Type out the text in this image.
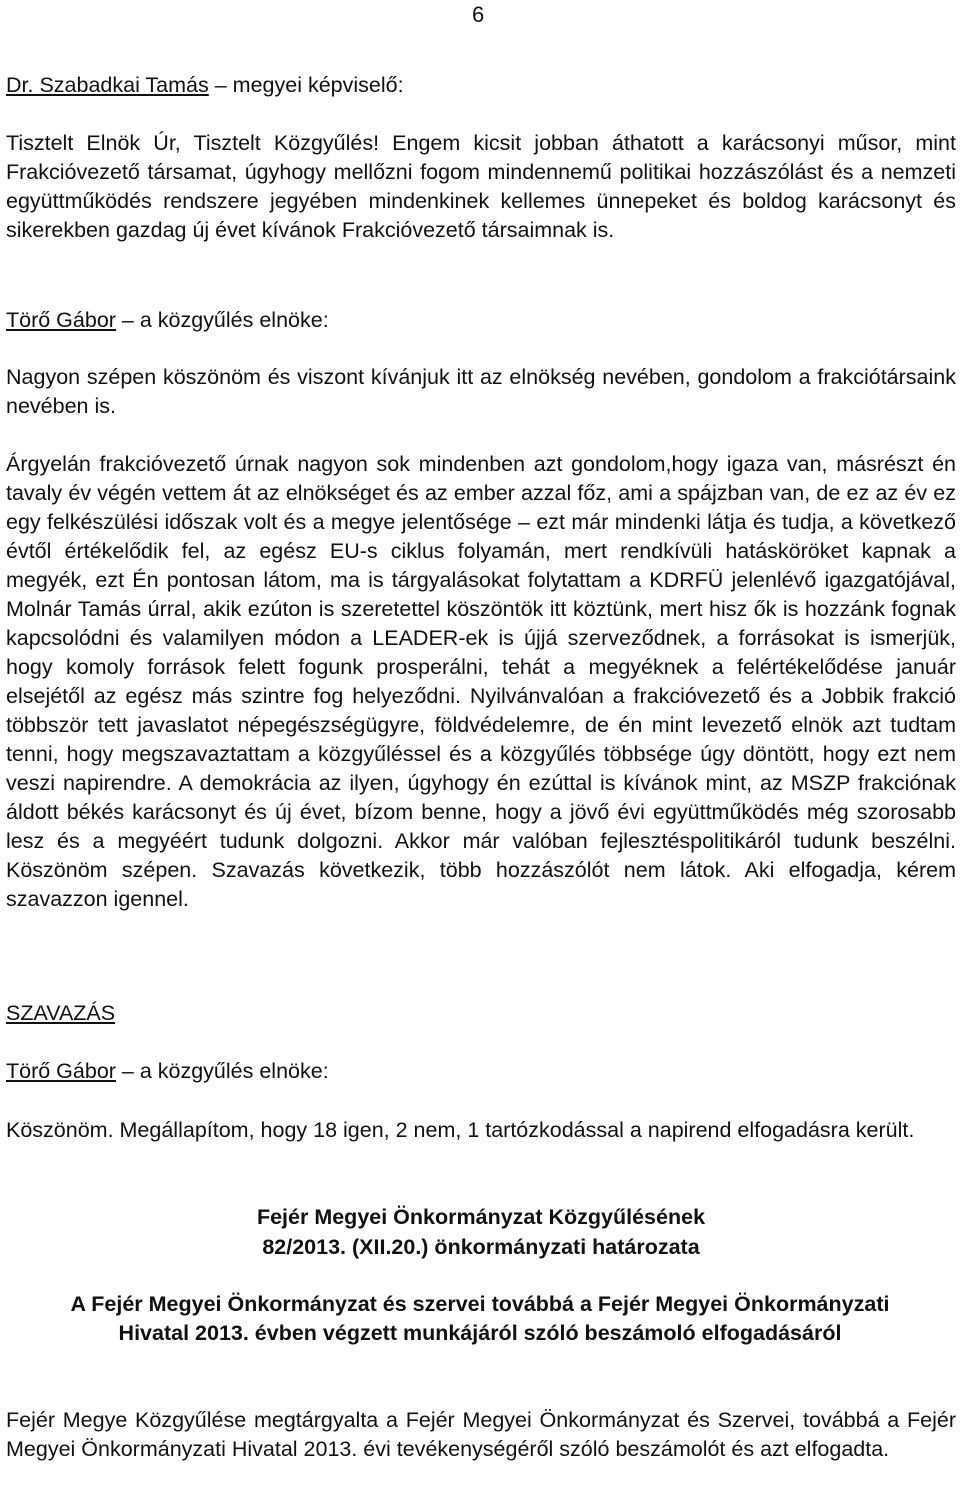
6

Dr. Szabadkai Tamás – megyei képviselő:

Tisztelt Elnök Úr, Tisztelt Közgyűlés! Engem kicsit jobban áthatott a karácsonyi műsor, mint Frakcióvezető társamat, úgyhogy mellőzni fogom mindennemű politikai hozzászólást és a nemzeti együttműködés rendszere jegyében mindenkinek kellemes ünnepeket és boldog karácsonyt és sikerekben gazdag új évet kívánok Frakcióvezető társaimnak is.

Törő Gábor – a közgyűlés elnöke:

Nagyon szépen köszönöm és viszont kívánjuk itt az elnökség nevében, gondolom a frakciótársaink nevében is.

Árgyelán frakcióvezető úrnak nagyon sok mindenben azt gondolom,hogy igaza van, másrészt én tavaly év végén vettem át az elnökséget és az ember azzal főz, ami a spájzban van, de ez az év ez egy felkészülési időszak volt és a megye jelentősége – ezt már mindenki látja és tudja, a következő évtől értékelődik fel, az egész EU-s ciklus folyamán, mert rendkívüli hatásköröket kapnak a megyék, ezt Én pontosan látom, ma is tárgyalásokat folytattam a KDRFÜ jelenlévő igazgatójával, Molnár Tamás úrral, akik ezúton is szeretettel köszöntök itt köztünk, mert hisz ők is hozzánk fognak kapcsolódni és valamilyen módon a LEADER-ek is újjá szerveződnek, a forrásokat is ismerjük, hogy komoly források felett fogunk prosperálni, tehát a megyéknek a felértékelődése január elsejétől az egész más szintre fog helyeződni. Nyilvánvalóan a frakcióvezető és a Jobbik frakció többször tett javaslatot népegészségügyre, földvédelemre, de én mint levezető elnök azt tudtam tenni, hogy megszavaztattam a közgyűléssel és a közgyűlés többsége úgy döntött, hogy ezt nem veszi napirendre. A demokrácia az ilyen, úgyhogy én ezúttal is kívánok mint, az MSZP frakciónak áldott békés karácsonyt és új évet, bízom benne, hogy a jövő évi együttműködés még szorosabb lesz és a megyéért tudunk dolgozni. Akkor már valóban fejlesztéspolitikáról tudunk beszélni. Köszönöm szépen. Szavazás következik, több hozzászólót nem látok. Aki elfogadja, kérem szavazzon igennel.

SZAVAZÁS

Törő Gábor – a közgyűlés elnöke:

Köszönöm. Megállapítom, hogy 18 igen, 2 nem, 1 tartózkodással a napirend elfogadásra került.

Fejér Megyei Önkormányzat Közgyűlésének

82/2013. (XII.20.) önkormányzati határozata

A Fejér Megyei Önkormányzat és szervei továbbá a Fejér Megyei Önkormányzati Hivatal 2013. évben végzett munkájáról szóló beszámoló elfogadásáról

Fejér Megye Közgyűlése megtárgyalta a Fejér Megyei Önkormányzat és Szervei, továbbá a Fejér Megyei Önkormányzati Hivatal 2013. évi tevékenységéről szóló beszámolót és azt elfogadta.
